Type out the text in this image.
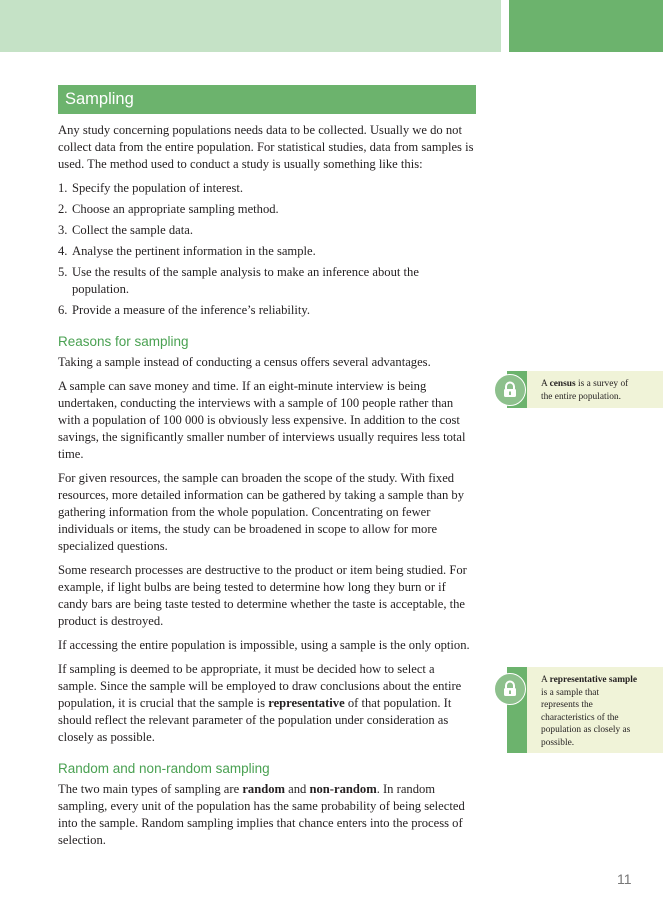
Sampling

Any study concerning populations needs data to be collected. Usually we do not collect data from the entire population. For statistical studies, data from samples is used. The method used to conduct a study is usually something like this:

1. Specify the population of interest.
2. Choose an appropriate sampling method.
3. Collect the sample data.
4. Analyse the pertinent information in the sample.
5. Use the results of the sample analysis to make an inference about the population.
6. Provide a measure of the inference’s reliability.
Reasons for sampling

Taking a sample instead of conducting a census offers several advantages.

A sample can save money and time. If an eight-minute interview is being undertaken, conducting the interviews with a sample of 100 people rather than with a population of 100 000 is obviously less expensive. In addition to the cost savings, the significantly smaller number of interviews usually requires less total time.

For given resources, the sample can broaden the scope of the study. With fixed resources, more detailed information can be gathered by taking a sample than by gathering information from the whole population. Concentrating on fewer individuals or items, the study can be broadened in scope to allow for more specialized questions.

Some research processes are destructive to the product or item being studied. For example, if light bulbs are being tested to determine how long they burn or if candy bars are being taste tested to determine whether the taste is acceptable, the product is destroyed.

If accessing the entire population is impossible, using a sample is the only option.

If sampling is deemed to be appropriate, it must be decided how to select a sample. Since the sample will be employed to draw conclusions about the entire population, it is crucial that the sample is representative of that population. It should reflect the relevant parameter of the population under consideration as closely as possible.

Random and non-random sampling

The two main types of sampling are random and non-random. In random sampling, every unit of the population has the same probability of being selected into the sample. Random sampling implies that chance enters into the process of selection.

A census is a survey of the entire population.
A representative sample is a sample that represents the characteristics of the population as closely as possible.
11
